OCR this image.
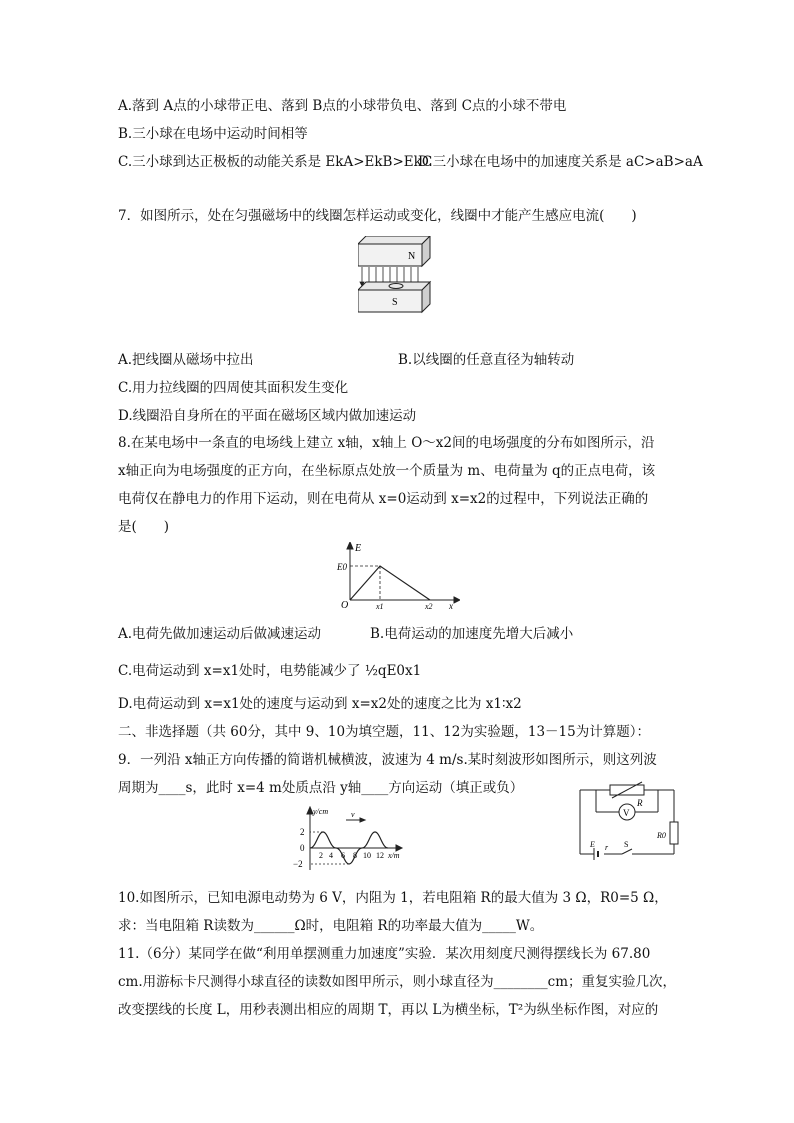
A.落到 A点的小球带正电、落到 B点的小球带负电、落到 C点的小球不带电
B.三小球在电场中运动时间相等
C.三小球到达正极板的动能关系是 EkA>EkB>EkC
D.三小球在电场中的加速度关系是 aC>aB>aA
7．如图所示，处在匀强磁场中的线圈怎样运动或变化，线圈中才能产生感应电流(　　)
N
S
A.把线圈从磁场中拉出	B.以线圈的任意直径为轴转动
C.用力拉线圈的四周使其面积发生变化
D.线圈沿自身所在的平面在磁场区域内做加速运动
8.在某电场中一条直的电场线上建立 x轴，x轴上 O～x2间的电场强度的分布如图所示，沿
x轴正向为电场强度的正方向，在坐标原点处放一个质量为 m、电荷量为 q的正点电荷，该
电荷仅在静电力的作用下运动，则在电荷从 x=0运动到 x=x2的过程中，下列说法正确的
是(　　)
E
E0
O	x1	x2 x
A.电荷先做加速运动后做减速运动	B.电荷运动的加速度先增大后减小
C.电荷运动到 x=x1处时，电势能减少了 ½qE0x1
D.电荷运动到 x=x1处的速度与运动到 x=x2处的速度之比为 x1∶x2
二、非选择题（共 60分，其中 9、10为填空题，11、12为实验题，13－15为计算题）：
9．一列沿 x轴正方向传播的简谐机械横波，波速为 4 m/s.某时刻波形如图所示，则这列波
周期为____s，此时 x=4 m处质点沿 y轴____方向运动（填正或负）
y/cm	v
2
0
−2
2 4 6 8 10 12 x/m
R
V
R0
E r S
10.如图所示，已知电源电动势为 6 V，内阻为 1，若电阻箱 R的最大值为 3 Ω，R0=5 Ω，
求：当电阻箱 R读数为______Ω时，电阻箱 R的功率最大值为_____W。
11.（6分）某同学在做“利用单摆测重力加速度”实验．某次用刻度尺测得摆线长为 67.80
cm.用游标卡尺测得小球直径的读数如图甲所示，则小球直径为________cm；重复实验几次，
改变摆线的长度 L，用秒表测出相应的周期 T，再以 L为横坐标，T²为纵坐标作图，对应的
